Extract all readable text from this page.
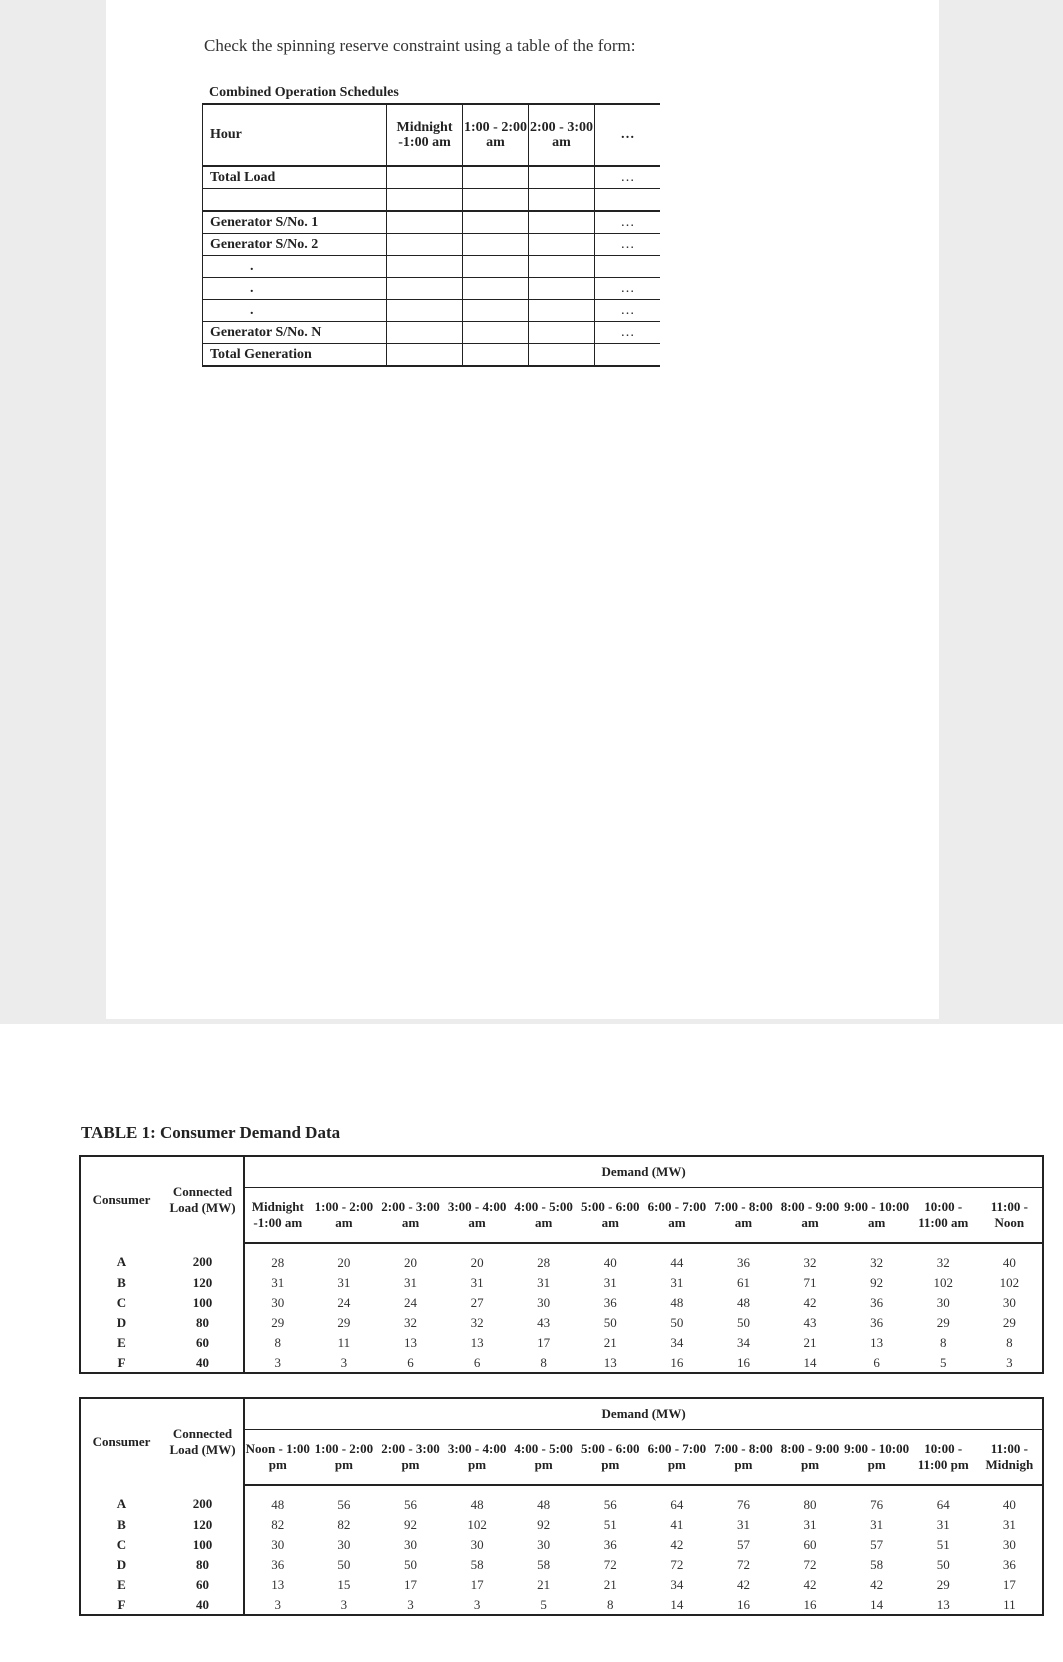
Check the spinning reserve constraint using a table of the form:
Combined Operation Schedules
Hour	Midnight -1:00 am	1:00 - 2:00 am	2:00 - 3:00 am	…
Total Load				…

Generator S/No. 1				…
Generator S/No. 2				…
.				
.				…
.				…
Generator S/No. N				…
Total Generation				
TABLE 1: Consumer Demand Data
Consumer	Connected Load (MW)	Demand (MW)											
		Midnight -1:00 am	1:00 - 2:00 am	2:00 - 3:00 am	3:00 - 4:00 am	4:00 - 5:00 am	5:00 - 6:00 am	6:00 - 7:00 am	7:00 - 8:00 am	8:00 - 9:00 am	9:00 - 10:00 am	10:00 - 11:00 am	11:00 - Noon
A	200	28	20	20	20	28	40	44	36	32	32	32	40
B	120	31	31	31	31	31	31	31	61	71	92	102	102
C	100	30	24	24	27	30	36	48	48	42	36	30	30
D	80	29	29	32	32	43	50	50	50	43	36	29	29
E	60	8	11	13	13	17	21	34	34	21	13	8	8
F	40	3	3	6	6	8	13	16	16	14	6	5	3
Consumer	Connected Load (MW)	Demand (MW)											
		Noon - 1:00 pm	1:00 - 2:00 pm	2:00 - 3:00 pm	3:00 - 4:00 pm	4:00 - 5:00 pm	5:00 - 6:00 pm	6:00 - 7:00 pm	7:00 - 8:00 pm	8:00 - 9:00 pm	9:00 - 10:00 pm	10:00 - 11:00 pm	11:00 - Midnigh
A	200	48	56	56	48	48	56	64	76	80	76	64	40
B	120	82	82	92	102	92	51	41	31	31	31	31	31
C	100	30	30	30	30	30	36	42	57	60	57	51	30
D	80	36	50	50	58	58	72	72	72	72	58	50	36
E	60	13	15	17	17	21	21	34	42	42	42	29	17
F	40	3	3	3	3	5	8	14	16	16	14	13	11
